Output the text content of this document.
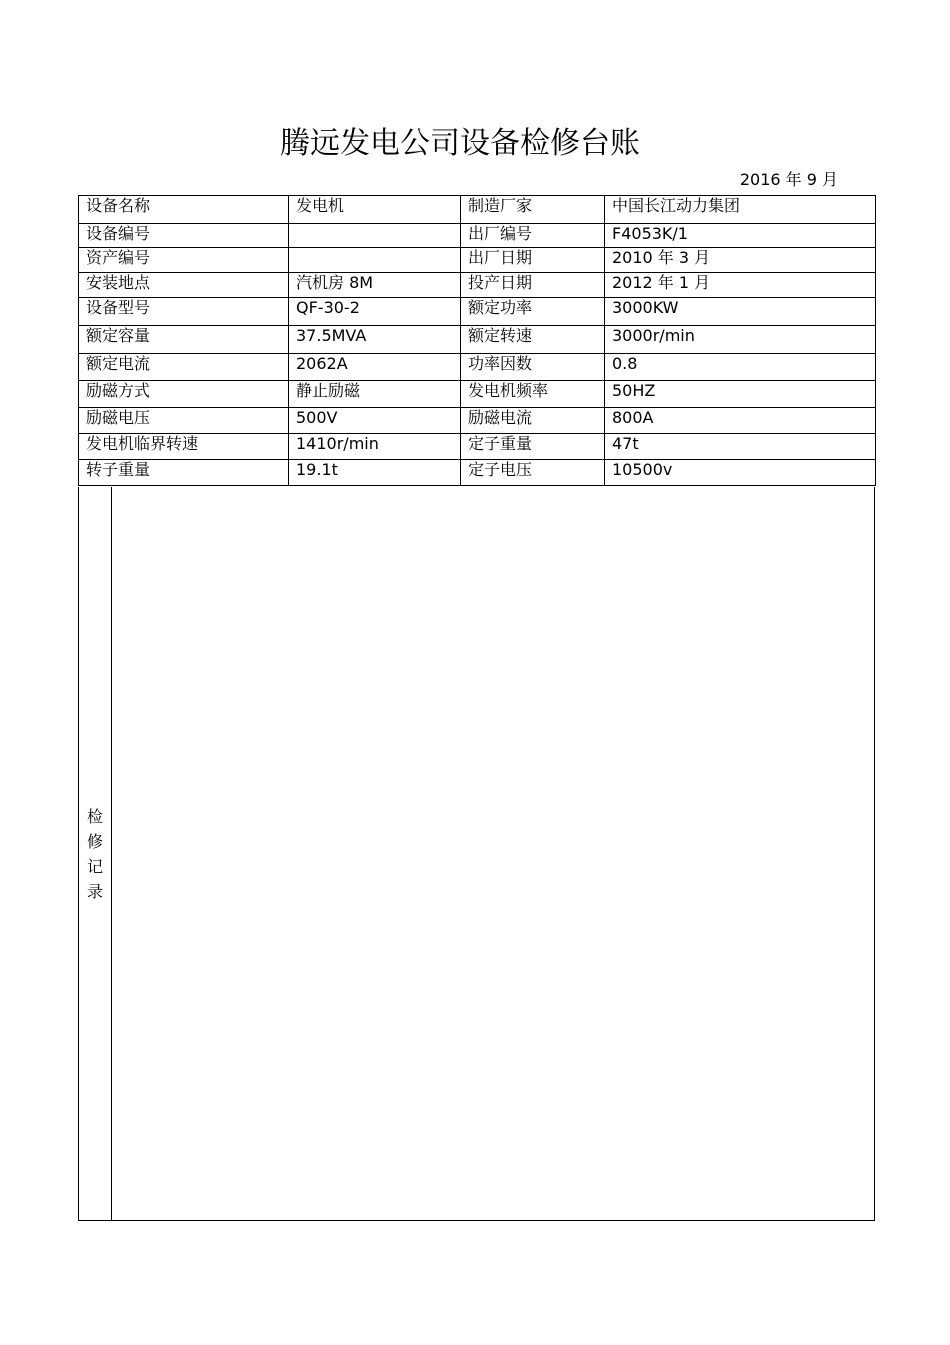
腾远发电公司设备检修台账
2016 年 9 月
设备名称	发电机	制造厂家	中国长江动力集团
设备编号		出厂编号	F4053K/1
资产编号		出厂日期	2010 年 3 月
安装地点	汽机房 8M	投产日期	2012 年 1 月
设备型号	QF-30-2	额定功率	3000KW
额定容量	37.5MVA	额定转速	3000r/min
额定电流	2062A	功率因数	0.8
励磁方式	静止励磁	发电机频率	50HZ
励磁电压	500V	励磁电流	800A
发电机临界转速	1410r/min	定子重量	47t
转子重量	19.1t	定子电压	10500v
检修记录
